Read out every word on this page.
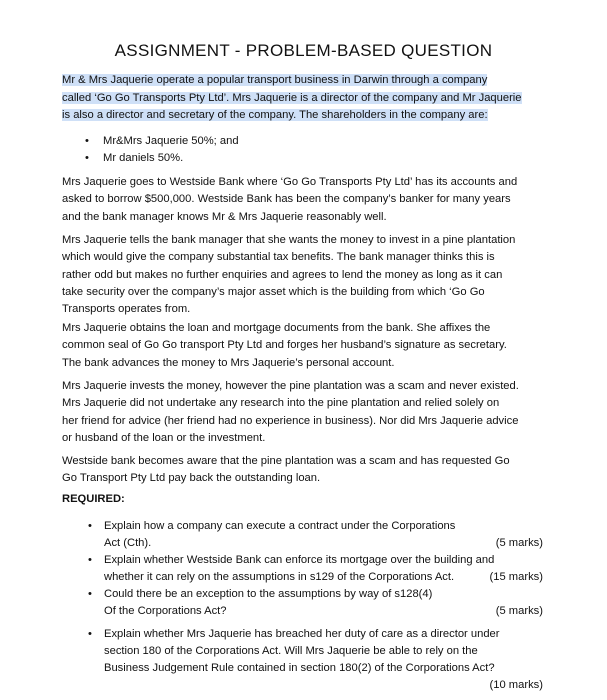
ASSIGNMENT - PROBLEM-BASED QUESTION
Mr & Mrs Jaquerie operate a popular transport business in Darwin through a company
called ‘Go Go Transports Pty Ltd’. Mrs Jaquerie is a director of the company and Mr Jaquerie
is also a director and secretary of the company. The shareholders in the company are:
• Mr&Mrs Jaquerie 50%; and
• Mr daniels 50%.
Mrs Jaquerie goes to Westside Bank where ‘Go Go Transports Pty Ltd’ has its accounts and
asked to borrow $500,000. Westside Bank has been the company’s banker for many years
and the bank manager knows Mr & Mrs Jaquerie reasonably well.
Mrs Jaquerie tells the bank manager that she wants the money to invest in a pine plantation
which would give the company substantial tax benefits. The bank manager thinks this is
rather odd but makes no further enquiries and agrees to lend the money as long as it can
take security over the company’s major asset which is the building from which ‘Go Go
Transports operates from.
Mrs Jaquerie obtains the loan and mortgage documents from the bank. She affixes the
common seal of Go Go transport Pty Ltd and forges her husband’s signature as secretary.
The bank advances the money to Mrs Jaquerie’s personal account.
Mrs Jaquerie invests the money, however the pine plantation was a scam and never existed.
Mrs Jaquerie did not undertake any research into the pine plantation and relied solely on
her friend for advice (her friend had no experience in business). Nor did Mrs Jaquerie advice
or husband of the loan or the investment.
Westside bank becomes aware that the pine plantation was a scam and has requested Go
Go Transport Pty Ltd pay back the outstanding loan.
REQUIRED:
• Explain how a company can execute a contract under the Corporations
Act (Cth).	(5 marks)
• Explain whether Westside Bank can enforce its mortgage over the building and
whether it can rely on the assumptions in s129 of the Corporations Act.	(15 marks)
• Could there be an exception to the assumptions by way of s128(4)
Of the Corporations Act?	(5 marks)
• Explain whether Mrs Jaquerie has breached her duty of care as a director under
section 180 of the Corporations Act. Will Mrs Jaquerie be able to rely on the
Business Judgement Rule contained in section 180(2) of the Corporations Act?
(10 marks)
